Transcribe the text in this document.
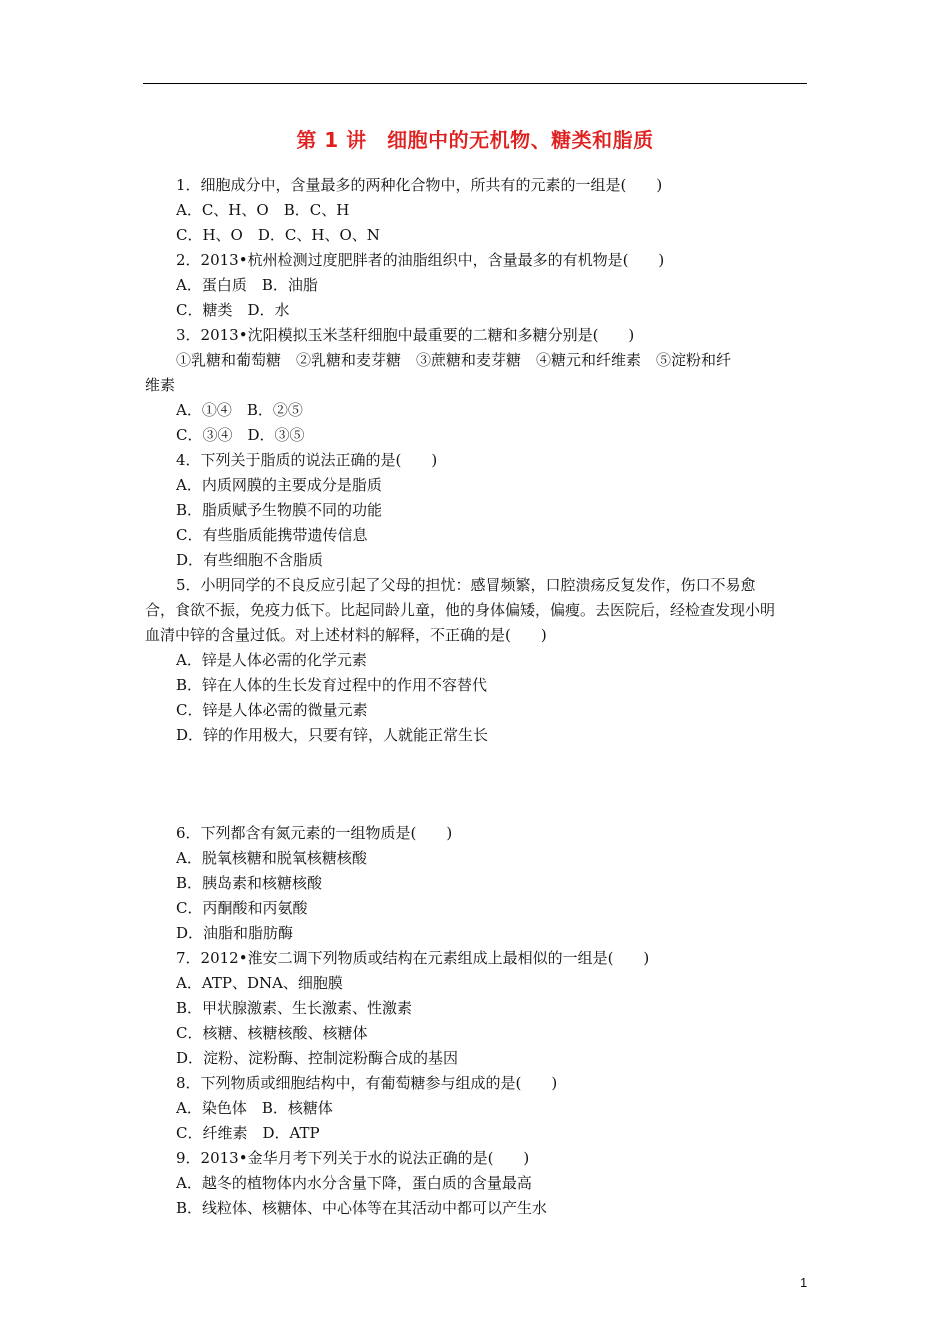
第 1 讲　细胞中的无机物、糖类和脂质
1．细胞成分中，含量最多的两种化合物中，所共有的元素的一组是(　　)
A．C、H、O　B．C、H
C．H、O　D．C、H、O、N
2．2013•杭州检测过度肥胖者的油脂组织中，含量最多的有机物是(　　)
A．蛋白质　B．油脂
C．糖类　D．水
3．2013•沈阳模拟玉米茎秆细胞中最重要的二糖和多糖分别是(　　)
①乳糖和葡萄糖　②乳糖和麦芽糖　③蔗糖和麦芽糖　④糖元和纤维素　⑤淀粉和纤
维素
A．①④　B．②⑤
C．③④　D．③⑤
4．下列关于脂质的说法正确的是(　　)
A．内质网膜的主要成分是脂质
B．脂质赋予生物膜不同的功能
C．有些脂质能携带遗传信息
D．有些细胞不含脂质
5．小明同学的不良反应引起了父母的担忧：感冒频繁，口腔溃疡反复发作，伤口不易愈
合，食欲不振，免疫力低下。比起同龄儿童，他的身体偏矮，偏瘦。去医院后，经检查发现小明
血清中锌的含量过低。对上述材料的解释，不正确的是(　　)
A．锌是人体必需的化学元素
B．锌在人体的生长发育过程中的作用不容替代
C．锌是人体必需的微量元素
D．锌的作用极大，只要有锌，人就能正常生长
6．下列都含有氮元素的一组物质是(　　)
A．脱氧核糖和脱氧核糖核酸
B．胰岛素和核糖核酸
C．丙酮酸和丙氨酸
D．油脂和脂肪酶
7．2012•淮安二调下列物质或结构在元素组成上最相似的一组是(　　)
A．ATP、DNA、细胞膜
B．甲状腺激素、生长激素、性激素
C．核糖、核糖核酸、核糖体
D．淀粉、淀粉酶、控制淀粉酶合成的基因
8．下列物质或细胞结构中，有葡萄糖参与组成的是(　　)
A．染色体　B．核糖体
C．纤维素　D．ATP
9．2013•金华月考下列关于水的说法正确的是(　　)
A．越冬的植物体内水分含量下降，蛋白质的含量最高
B．线粒体、核糖体、中心体等在其活动中都可以产生水
1
